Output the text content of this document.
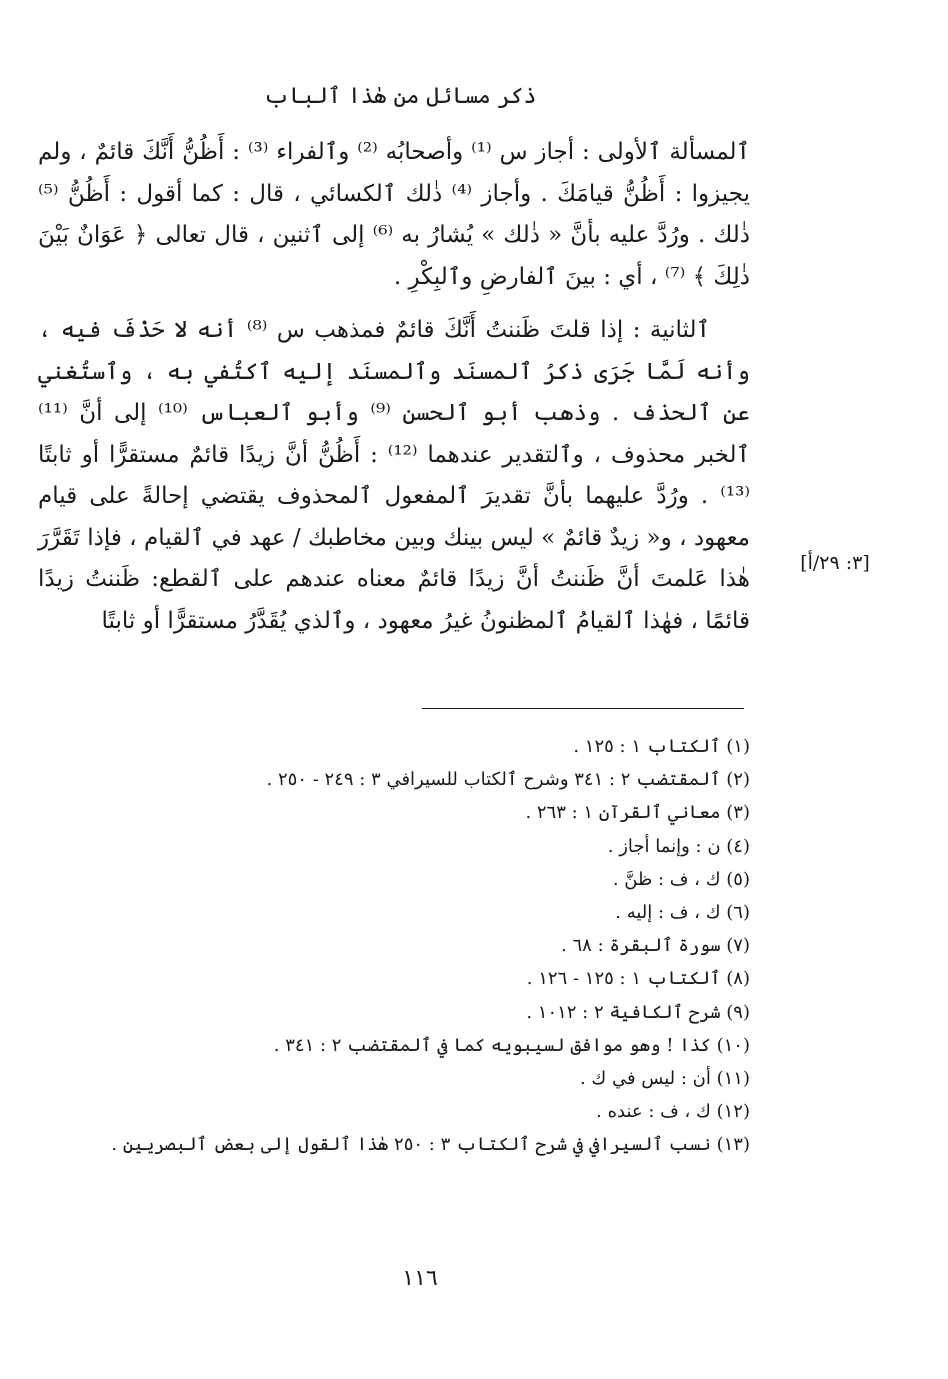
ذكر مسائل من هٰذا ٱلباب

ٱلمسألة ٱلأولى : أجاز س ⁽¹⁾ وأصحابُه ⁽²⁾ وٱلفراء ⁽³⁾ : أَظُنُّ أَنَّكَ قائمٌ ، ولم يجيزوا : أَظُنُّ قيامَكَ . وأجاز ⁽⁴⁾ ذٰلك ٱلكسائي ، قال : كما أقول : أَظُنُّ ⁽⁵⁾ ذٰلك . ورُدَّ عليه بأنَّ « ذٰلك » يُشارُ به ⁽⁶⁾ إلى ٱثنين ، قال تعالى ﴿ عَوَانٌ بَيْنَ ذٰلِكَ ﴾ ⁽⁷⁾ ، أي : بينَ ٱلفارضِ وٱلبِكْرِ .

ٱلثانية : إذا قلتَ ظَننتُ أَنَّكَ قائمٌ فمذهب س ⁽⁸⁾ أنه لا حَذْفَ فيه ، وأنه لَمَّا جَرَى ذكرُ ٱلمسنَد وٱلمسنَد إليه ٱكتُفي به ، وٱستُغني عن ٱلحذف . وذهب أبو ٱلحسن ⁽⁹⁾ وأبو ٱلعباس ⁽¹⁰⁾ إلى أنَّ ⁽¹¹⁾ ٱلخبر محذوف ، وٱلتقدير عندهما ⁽¹²⁾ : أَظُنُّ أنَّ زيدًا قائمٌ مستقرًّا أو ثابتًا ⁽¹³⁾ . ورُدَّ عليهما بأنَّ تقديرَ ٱلمفعول ٱلمحذوف يقتضي إحالةً على قيام معهود ، و« زيدٌ قائمٌ » ليس بينك وبين مخاطبك / عهد في ٱلقيام ، فإذا تَقَرَّرَ هٰذا عَلمتَ أنَّ ظَننتُ أنَّ زيدًا قائمٌ معناه عندهم على ٱلقطع: ظَننتُ زيدًا قائمًا ، فهٰذا ٱلقيامُ ٱلمظنونُ غيرُ معهود ، وٱلذي يُقَدَّرُ مستقرًّا أو ثابتًا

[٣: ٢٩/أ]
(١) ٱلكتاب ١ : ١٢٥ .
(٢) ٱلمقتضب ٢ : ٣٤١ وشرح ٱلكتاب للسيرافي ٣ : ٢٤٩ - ٢٥٠ .
(٣) معاني ٱلقرآن ١ : ٢٦٣ .
(٤) ن : وإنما أجاز .
(٥) ك ، ف : ظنَّ .
(٦) ك ، ف : إليه .
(٧) سورة ٱلبقرة : ٦٨ .
(٨) ٱلكتاب ١ : ١٢٥ - ١٢٦ .
(٩) شرح ٱلكافية ٢ : ١٠١٢ .
(١٠) كذا ! وهو موافق لسيبويه كما في ٱلمقتضب ٢ : ٣٤١ .
(١١) أن : ليس في ك .
(١٢) ك ، ف : عنده .
(١٣) نسب ٱلسيرافي في شرح ٱلكتاب ٣ : ٢٥٠ هٰذا ٱلقول إلى بعض ٱلبصريين .
١١٦
